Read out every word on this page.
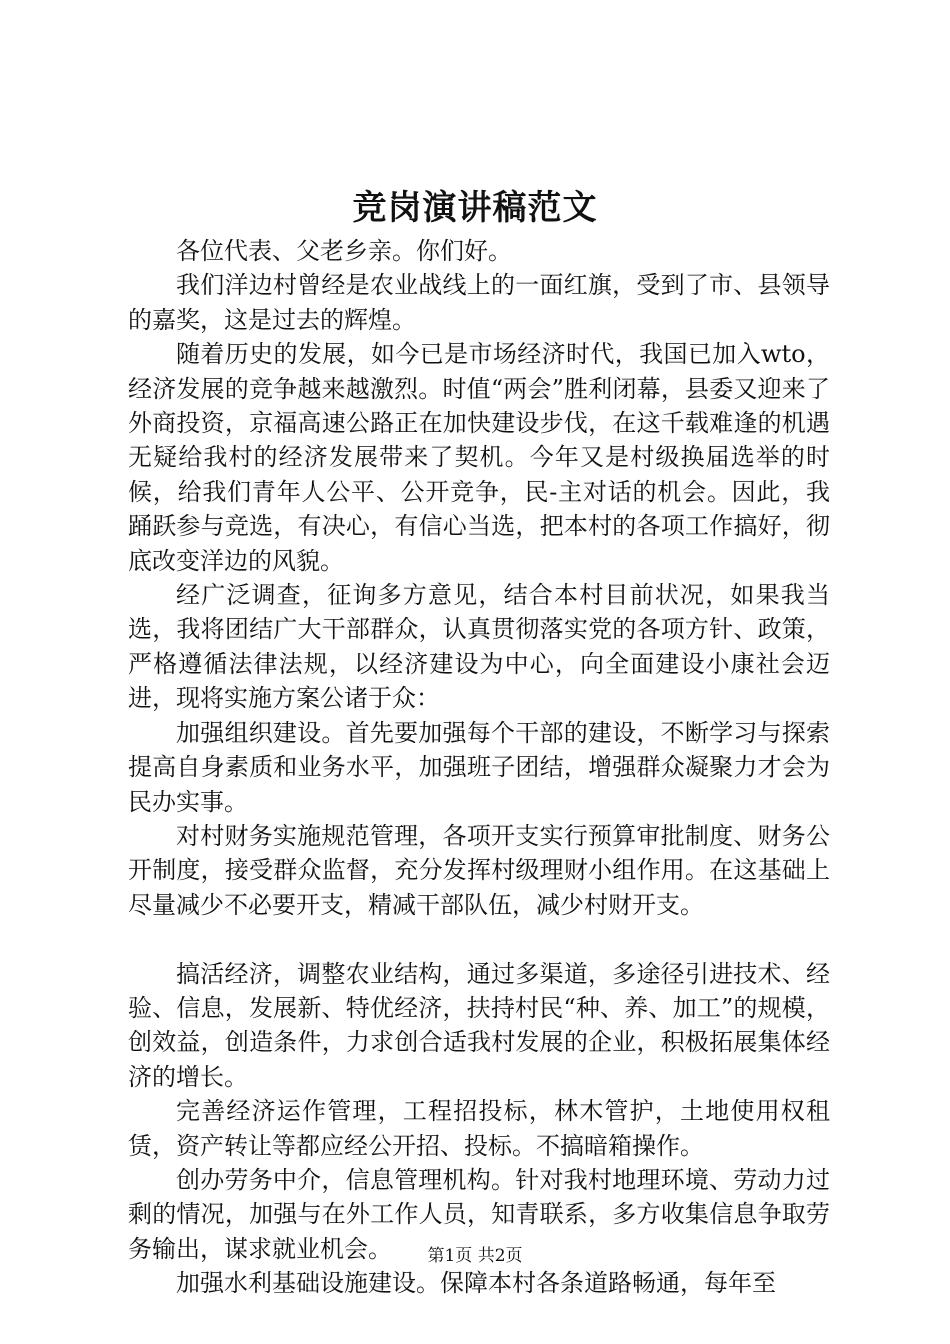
竞岗演讲稿范文

各位代表、父老乡亲。你们好。

我们洋边村曾经是农业战线上的一面红旗，受到了市、县领导的嘉奖，这是过去的辉煌。

随着历史的发展，如今已是市场经济时代，我国已加入wto，经济发展的竞争越来越激烈。时值“两会”胜利闭幕，县委又迎来了外商投资，京福高速公路正在加快建设步伐，在这千载难逢的机遇无疑给我村的经济发展带来了契机。今年又是村级换届选举的时候，给我们青年人公平、公开竞争，民-主对话的机会。因此，我踊跃参与竞选，有决心，有信心当选，把本村的各项工作搞好，彻底改变洋边的风貌。

经广泛调查，征询多方意见，结合本村目前状况，如果我当选，我将团结广大干部群众，认真贯彻落实党的各项方针、政策，严格遵循法律法规，以经济建设为中心，向全面建设小康社会迈进，现将实施方案公诸于众：

加强组织建设。首先要加强每个干部的建设，不断学习与探索提高自身素质和业务水平，加强班子团结，增强群众凝聚力才会为民办实事。

对村财务实施规范管理，各项开支实行预算审批制度、财务公开制度，接受群众监督，充分发挥村级理财小组作用。在这基础上尽量减少不必要开支，精减干部队伍，减少村财开支。

搞活经济，调整农业结构，通过多渠道，多途径引进技术、经验、信息，发展新、特优经济，扶持村民“种、养、加工”的规模，创效益，创造条件，力求创合适我村发展的企业，积极拓展集体经济的增长。

完善经济运作管理，工程招投标，林木管护，土地使用权租赁，资产转让等都应经公开招、投标。不搞暗箱操作。

创办劳务中介，信息管理机构。针对我村地理环境、劳动力过剩的情况，加强与在外工作人员，知青联系，多方收集信息争取劳务输出，谋求就业机会。

加强水利基础设施建设。保障本村各条道路畅通，每年至

第1页 共2页
